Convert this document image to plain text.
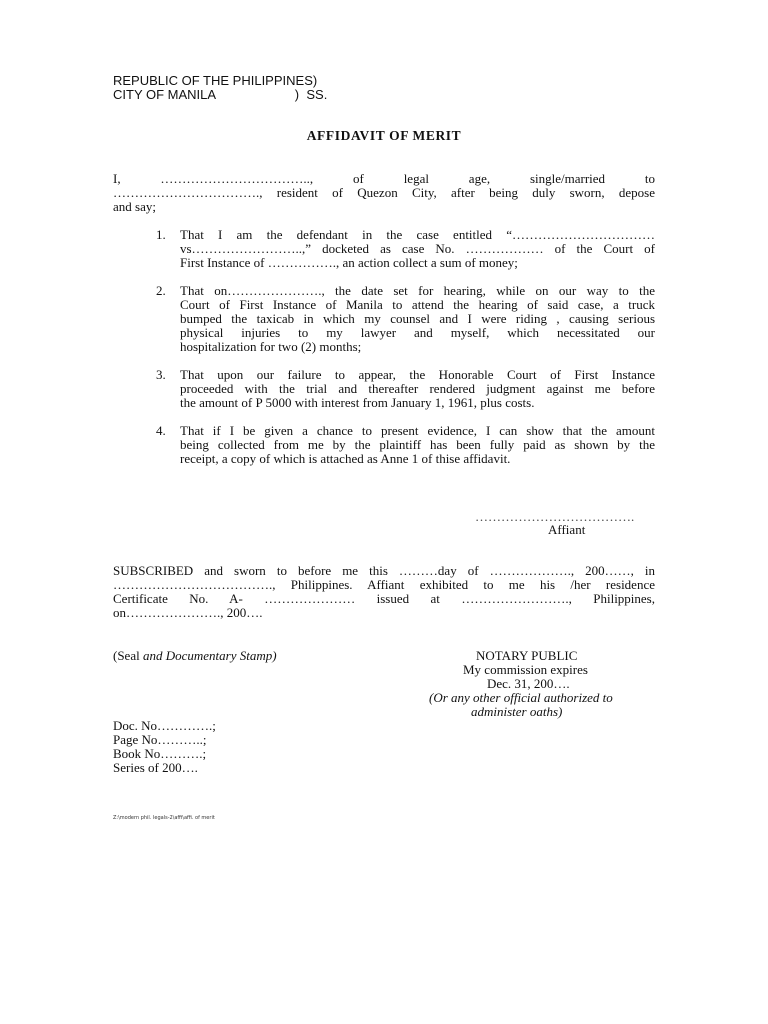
REPUBLIC OF THE PHILIPPINES)
CITY OF MANILA                      )  SS.
AFFIDAVIT OF MERIT
I, …………………………….., of legal age, single/married to
……………………………., resident of Quezon City, after being duly sworn, depose
and say;
1. That I am the defendant in the case entitled “……………………………
vs……………………..,” docketed as case No. ……………… of the Court of
First Instance of ……………., an action collect a sum of money;
2. That on…………………., the date set for hearing, while on our way to the
Court of First Instance of Manila to attend the hearing of said case, a truck
bumped the taxicab in which my counsel and I were riding , causing serious
physical injuries to my lawyer and myself, which necessitated our
hospitalization for two (2) months;
3. That upon our failure to appear, the Honorable Court of First Instance
proceeded with the trial and thereafter rendered judgment against me before
the amount of P 5000 with interest from January 1, 1961, plus costs.
4. That if I be given a chance to present evidence, I can show that the amount
being collected from me by the plaintiff has been fully paid as shown by the
receipt, a copy of which is attached as Anne 1 of thise affidavit.
……………………………….
Affiant
SUBSCRIBED and sworn to before me this ………day of ………………., 200……, in
………………………………., Philippines. Affiant exhibited to me his /her residence
Certificate No. A- ………………… issued at ……………………., Philippines,
on…………………., 200….
(Seal and Documentary Stamp)	NOTARY PUBLIC
My commission expires
Dec. 31, 200….
(Or any other official authorized to
administer oaths)
Doc. No………….;
Page No………..;
Book No……….;
Series of 200….
Z:\modern phil. legals-2\affi\affi. of merit
